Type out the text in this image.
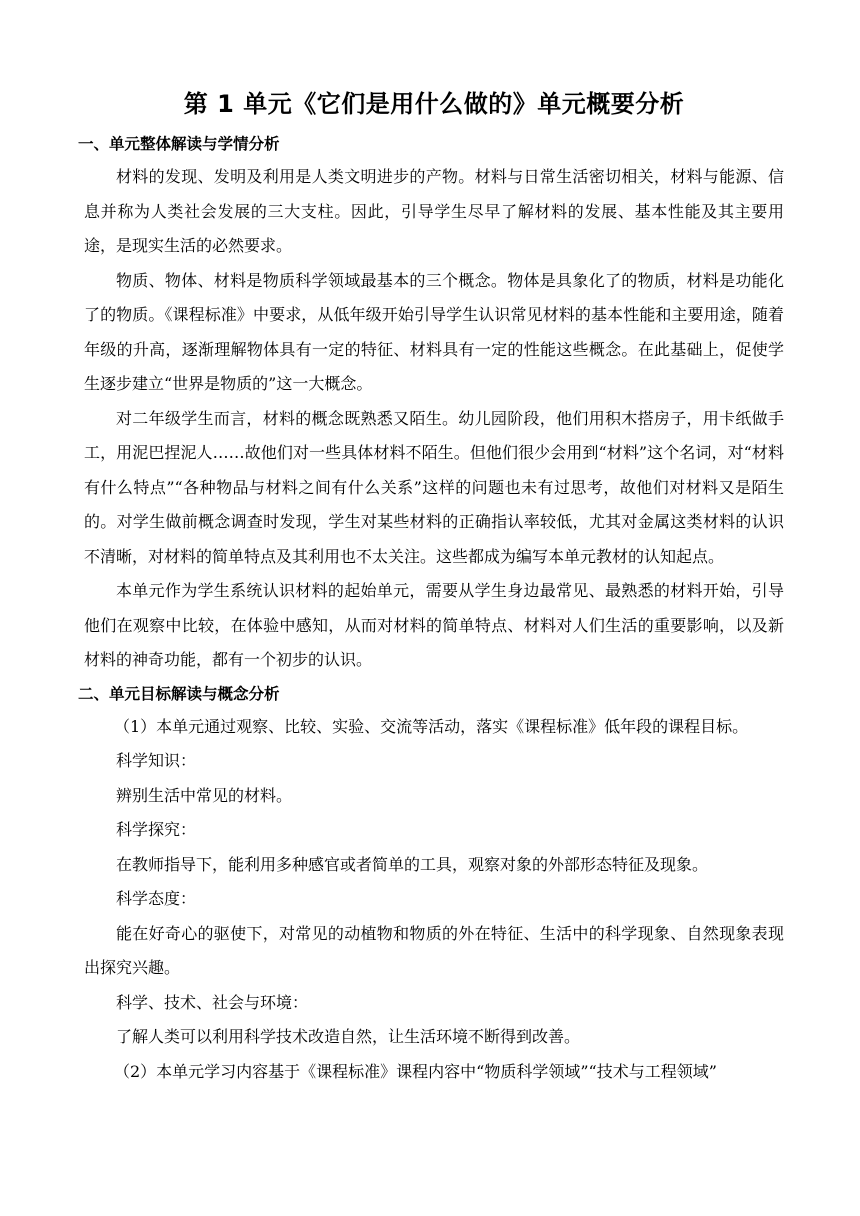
第 1 单元《它们是用什么做的》单元概要分析
一、单元整体解读与学情分析

材料的发现、发明及利用是人类文明进步的产物。材料与日常生活密切相关，材料与能源、信息并称为人类社会发展的三大支柱。因此，引导学生尽早了解材料的发展、基本性能及其主要用途，是现实生活的必然要求。

物质、物体、材料是物质科学领域最基本的三个概念。物体是具象化了的物质，材料是功能化了的物质。《课程标准》中要求，从低年级开始引导学生认识常见材料的基本性能和主要用途，随着年级的升高，逐渐理解物体具有一定的特征、材料具有一定的性能这些概念。在此基础上，促使学生逐步建立“世界是物质的”这一大概念。

对二年级学生而言，材料的概念既熟悉又陌生。幼儿园阶段，他们用积木搭房子，用卡纸做手工，用泥巴捏泥人……故他们对一些具体材料不陌生。但他们很少会用到“材料”这个名词，对“材料有什么特点”“各种物品与材料之间有什么关系”这样的问题也未有过思考，故他们对材料又是陌生的。对学生做前概念调查时发现，学生对某些材料的正确指认率较低，尤其对金属这类材料的认识不清晰，对材料的简单特点及其利用也不太关注。这些都成为编写本单元教材的认知起点。

本单元作为学生系统认识材料的起始单元，需要从学生身边最常见、最熟悉的材料开始，引导他们在观察中比较，在体验中感知，从而对材料的简单特点、材料对人们生活的重要影响，以及新材料的神奇功能，都有一个初步的认识。

二、单元目标解读与概念分析

（1）本单元通过观察、比较、实验、交流等活动，落实《课程标准》低年段的课程目标。

科学知识：

辨别生活中常见的材料。

科学探究：

在教师指导下，能利用多种感官或者简单的工具，观察对象的外部形态特征及现象。

科学态度：

能在好奇心的驱使下，对常见的动植物和物质的外在特征、生活中的科学现象、自然现象表现出探究兴趣。

科学、技术、社会与环境：

了解人类可以利用科学技术改造自然，让生活环境不断得到改善。

（2）本单元学习内容基于《课程标准》课程内容中“物质科学领域”“技术与工程领域”
